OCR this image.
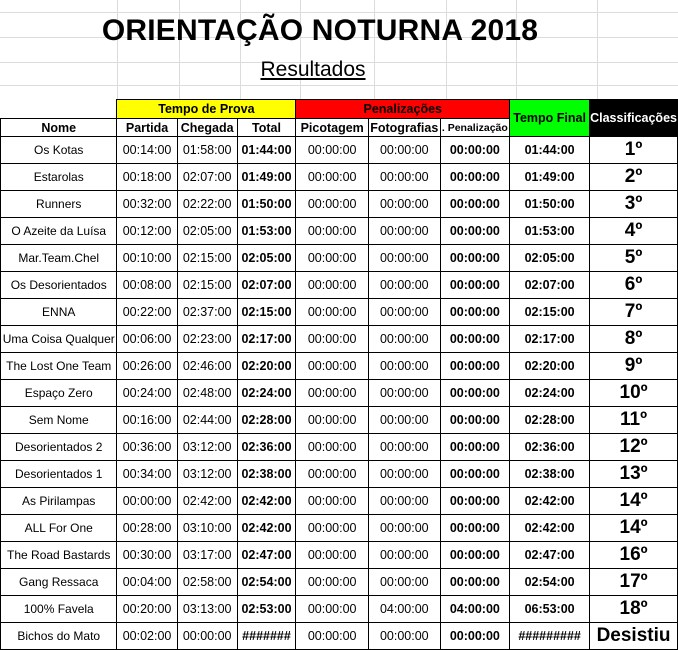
ORIENTAÇÃO NOTURNA 2018
Resultados
	Tempo de Prova			Penalizações			Tempo Final	Classificações
Nome	Partida	Chegada	Total	Picotagem	Fotografias	. Penalização		
Os Kotas	00:14:00	01:58:00	01:44:00	00:00:00	00:00:00	00:00:00	01:44:00	1º
Estarolas	00:18:00	02:07:00	01:49:00	00:00:00	00:00:00	00:00:00	01:49:00	2º
Runners	00:32:00	02:22:00	01:50:00	00:00:00	00:00:00	00:00:00	01:50:00	3º
O Azeite da Luísa	00:12:00	02:05:00	01:53:00	00:00:00	00:00:00	00:00:00	01:53:00	4º
Mar.Team.Chel	00:10:00	02:15:00	02:05:00	00:00:00	00:00:00	00:00:00	02:05:00	5º
Os Desorientados	00:08:00	02:15:00	02:07:00	00:00:00	00:00:00	00:00:00	02:07:00	6º
ENNA	00:22:00	02:37:00	02:15:00	00:00:00	00:00:00	00:00:00	02:15:00	7º
Uma Coisa Qualquer	00:06:00	02:23:00	02:17:00	00:00:00	00:00:00	00:00:00	02:17:00	8º
The Lost One Team	00:26:00	02:46:00	02:20:00	00:00:00	00:00:00	00:00:00	02:20:00	9º
Espaço Zero	00:24:00	02:48:00	02:24:00	00:00:00	00:00:00	00:00:00	02:24:00	10º
Sem Nome	00:16:00	02:44:00	02:28:00	00:00:00	00:00:00	00:00:00	02:28:00	11º
Desorientados 2	00:36:00	03:12:00	02:36:00	00:00:00	00:00:00	00:00:00	02:36:00	12º
Desorientados 1	00:34:00	03:12:00	02:38:00	00:00:00	00:00:00	00:00:00	02:38:00	13º
As Pirilampas	00:00:00	02:42:00	02:42:00	00:00:00	00:00:00	00:00:00	02:42:00	14º
ALL For One	00:28:00	03:10:00	02:42:00	00:00:00	00:00:00	00:00:00	02:42:00	14º
The Road Bastards	00:30:00	03:17:00	02:47:00	00:00:00	00:00:00	00:00:00	02:47:00	16º
Gang Ressaca	00:04:00	02:58:00	02:54:00	00:00:00	00:00:00	00:00:00	02:54:00	17º
100% Favela	00:20:00	03:13:00	02:53:00	00:00:00	04:00:00	04:00:00	06:53:00	18º
Bichos do Mato	00:02:00	00:00:00	#######	00:00:00	00:00:00	00:00:00	#########	Desistiu
